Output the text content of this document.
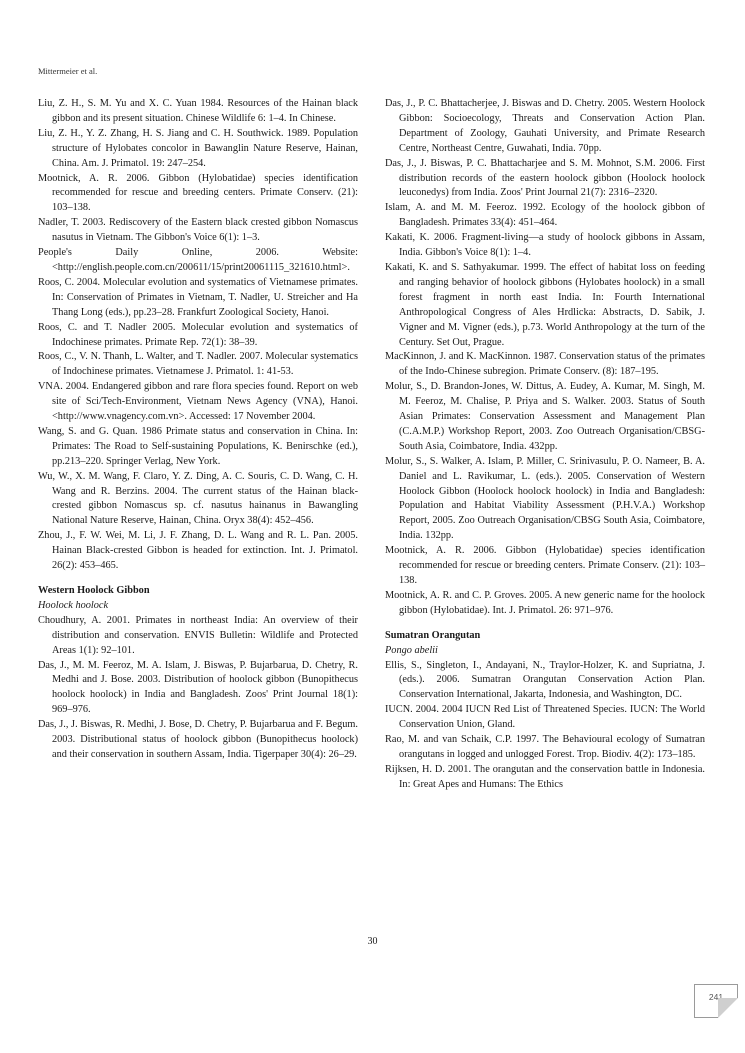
Mittermeier et al.
Liu, Z. H., S. M. Yu and X. C. Yuan 1984. Resources of the Hainan black gibbon and its present situation. Chinese Wildlife 6: 1–4. In Chinese.
Liu, Z. H., Y. Z. Zhang, H. S. Jiang and C. H. Southwick. 1989. Population structure of Hylobates concolor in Bawanglin Nature Reserve, Hainan, China. Am. J. Primatol. 19: 247–254.
Mootnick, A. R. 2006. Gibbon (Hylobatidae) species identification recommended for rescue and breeding centers. Primate Conserv. (21): 103–138.
Nadler, T. 2003. Rediscovery of the Eastern black crested gibbon Nomascus nasutus in Vietnam. The Gibbon's Voice 6(1): 1–3.
People's Daily Online, 2006. Website: <http://english.people.com.cn/200611/15/print20061115_321610.html>.
Roos, C. 2004. Molecular evolution and systematics of Vietnamese primates. In: Conservation of Primates in Vietnam, T. Nadler, U. Streicher and Ha Thang Long (eds.), pp.23–28. Frankfurt Zoological Society, Hanoi.
Roos, C. and T. Nadler 2005. Molecular evolution and systematics of Indochinese primates. Primate Rep. 72(1): 38–39.
Roos, C., V. N. Thanh, L. Walter, and T. Nadler. 2007. Molecular systematics of Indochinese primates. Vietnamese J. Primatol. 1: 41-53.
VNA. 2004. Endangered gibbon and rare flora species found. Report on web site of Sci/Tech-Environment, Vietnam News Agency (VNA), Hanoi. <http://www.vnagency.com.vn>. Accessed: 17 November 2004.
Wang, S. and G. Quan. 1986 Primate status and conservation in China. In: Primates: The Road to Self-sustaining Populations, K. Benirschke (ed.), pp.213–220. Springer Verlag, New York.
Wu, W., X. M. Wang, F. Claro, Y. Z. Ding, A. C. Souris, C. D. Wang, C. H. Wang and R. Berzins. 2004. The current status of the Hainan black-crested gibbon Nomascus sp. cf. nasutus hainanus in Bawangling National Nature Reserve, Hainan, China. Oryx 38(4): 452–456.
Zhou, J., F. W. Wei, M. Li, J. F. Zhang, D. L. Wang and R. L. Pan. 2005. Hainan Black-crested Gibbon is headed for extinction. Int. J. Primatol. 26(2): 453–465.
Western Hoolock Gibbon
Hoolock hoolock
Choudhury, A. 2001. Primates in northeast India: An overview of their distribution and conservation. ENVIS Bulletin: Wildlife and Protected Areas 1(1): 92–101.
Das, J., M. M. Feeroz, M. A. Islam, J. Biswas, P. Bujarbarua, D. Chetry, R. Medhi and J. Bose. 2003. Distribution of hoolock gibbon (Bunopithecus hoolock hoolock) in India and Bangladesh. Zoos' Print Journal 18(1): 969–976.
Das, J., J. Biswas, R. Medhi, J. Bose, D. Chetry, P. Bujarbarua and F. Begum. 2003. Distributional status of hoolock gibbon (Bunopithecus hoolock) and their conservation in southern Assam, India. Tigerpaper 30(4): 26–29.
Das, J., P. C. Bhattacherjee, J. Biswas and D. Chetry. 2005. Western Hoolock Gibbon: Socioecology, Threats and Conservation Action Plan. Department of Zoology, Gauhati University, and Primate Research Centre, Northeast Centre, Guwahati, India. 70pp.
Das, J., J. Biswas, P. C. Bhattacharjee and S. M. Mohnot, S.M. 2006. First distribution records of the eastern hoolock gibbon (Hoolock hoolock leuconedys) from India. Zoos' Print Journal 21(7): 2316–2320.
Islam, A. and M. M. Feeroz. 1992. Ecology of the hoolock gibbon of Bangladesh. Primates 33(4): 451–464.
Kakati, K. 2006. Fragment-living—a study of hoolock gibbons in Assam, India. Gibbon's Voice 8(1): 1–4.
Kakati, K. and S. Sathyakumar. 1999. The effect of habitat loss on feeding and ranging behavior of hoolock gibbons (Hylobates hoolock) in a small forest fragment in north east India. In: Fourth International Anthropological Congress of Ales Hrdlicka: Abstracts, D. Sabik, J. Vigner and M. Vigner (eds.), p.73. World Anthropology at the turn of the Century. Set Out, Prague.
MacKinnon, J. and K. MacKinnon. 1987. Conservation status of the primates of the Indo-Chinese subregion. Primate Conserv. (8): 187–195.
Molur, S., D. Brandon-Jones, W. Dittus, A. Eudey, A. Kumar, M. Singh, M. M. Feeroz, M. Chalise, P. Priya and S. Walker. 2003. Status of South Asian Primates: Conservation Assessment and Management Plan (C.A.M.P.) Workshop Report, 2003. Zoo Outreach Organisation/CBSG-South Asia, Coimbatore, India. 432pp.
Molur, S., S. Walker, A. Islam, P. Miller, C. Srinivasulu, P. O. Nameer, B. A. Daniel and L. Ravikumar, L. (eds.). 2005. Conservation of Western Hoolock Gibbon (Hoolock hoolock hoolock) in India and Bangladesh: Population and Habitat Viability Assessment (P.H.V.A.) Workshop Report, 2005. Zoo Outreach Organisation/CBSG South Asia, Coimbatore, India. 132pp.
Mootnick, A. R. 2006. Gibbon (Hylobatidae) species identification recommended for rescue or breeding centers. Primate Conserv. (21): 103–138.
Mootnick, A. R. and C. P. Groves. 2005. A new generic name for the hoolock gibbon (Hylobatidae). Int. J. Primatol. 26: 971–976.
Sumatran Orangutan
Pongo abelii
Ellis, S., Singleton, I., Andayani, N., Traylor-Holzer, K. and Supriatna, J. (eds.). 2006. Sumatran Orangutan Conservation Action Plan. Conservation International, Jakarta, Indonesia, and Washington, DC.
IUCN. 2004. 2004 IUCN Red List of Threatened Species. IUCN: The World Conservation Union, Gland.
Rao, M. and van Schaik, C.P. 1997. The Behavioural ecology of Sumatran orangutans in logged and unlogged Forest. Trop. Biodiv. 4(2): 173–185.
Rijksen, H. D. 2001. The orangutan and the conservation battle in Indonesia. In: Great Apes and Humans: The Ethics
30
241
